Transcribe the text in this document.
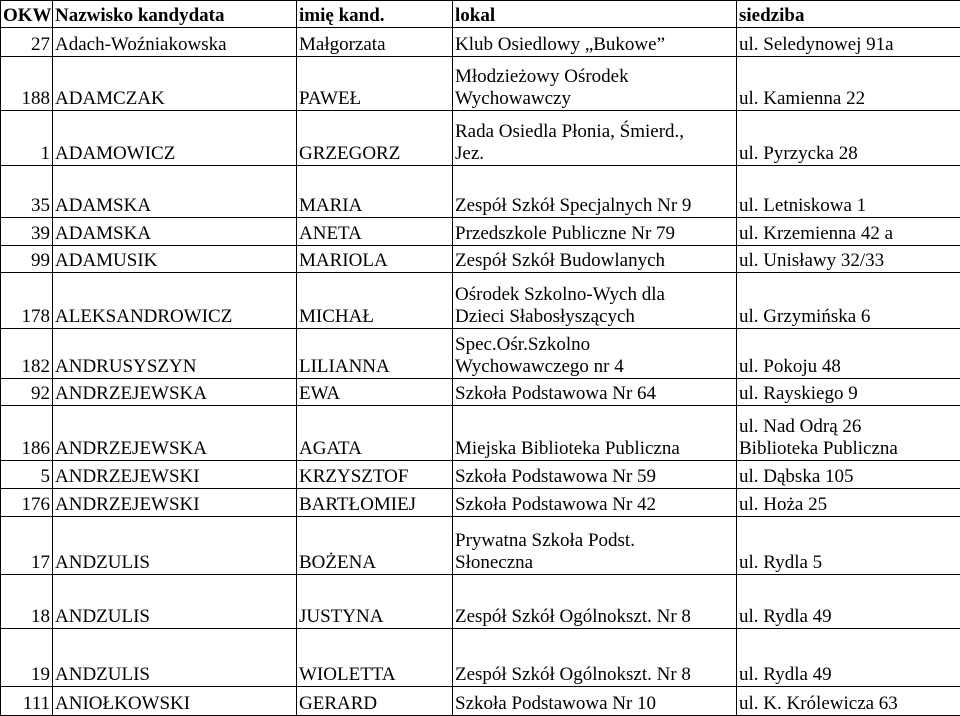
OKW	Nazwisko kandydata	imię kand.	lokal	siedziba
27	Adach-Woźniakowska	Małgorzata	Klub Osiedlowy „Bukowe”	ul. Seledynowej 91a

188	ADAMCZAK	PAWEŁ	Młodzieżowy Ośrodek
Wychowawczy	ul. Kamienna 22

1	ADAMOWICZ	GRZEGORZ	Rada Osiedla Płonia, Śmierd.,
Jez.	ul. Pyrzycka 28

35	ADAMSKA	MARIA	Zespół Szkół Specjalnych Nr 9	ul. Letniskowa 1

39	ADAMSKA	ANETA	Przedszkole Publiczne Nr 79	ul. Krzemienna 42 a

99	ADAMUSIK	MARIOLA	Zespół Szkół Budowlanych	ul. Unisławy 32/33

178	ALEKSANDROWICZ	MICHAŁ	Ośrodek Szkolno-Wych dla
Dzieci Słabosłyszących	ul. Grzymińska 6

182	ANDRUSYSZYN	LILIANNA	Spec.Ośr.Szkolno
Wychowawczego nr 4	ul. Pokoju 48

92	ANDRZEJEWSKA	EWA	Szkoła Podstawowa Nr 64	ul. Rayskiego 9

186	ANDRZEJEWSKA	AGATA	Miejska Biblioteka Publiczna	ul. Nad Odrą 26
Biblioteka Publiczna

5	ANDRZEJEWSKI	KRZYSZTOF	Szkoła Podstawowa Nr 59	ul. Dąbska 105

176	ANDRZEJEWSKI	BARTŁOMIEJ	Szkoła Podstawowa Nr 42	ul. Hoża 25

17	ANDZULIS	BOŻENA	Prywatna Szkoła Podst.
Słoneczna	ul. Rydla 5

18	ANDZULIS	JUSTYNA	Zespół Szkół Ogólnokszt. Nr 8	ul. Rydla 49

19	ANDZULIS	WIOLETTA	Zespół Szkół Ogólnokszt. Nr 8	ul. Rydla 49

111	ANIOŁKOWSKI	GERARD	Szkoła Podstawowa Nr 10	ul. K. Królewicza 63
